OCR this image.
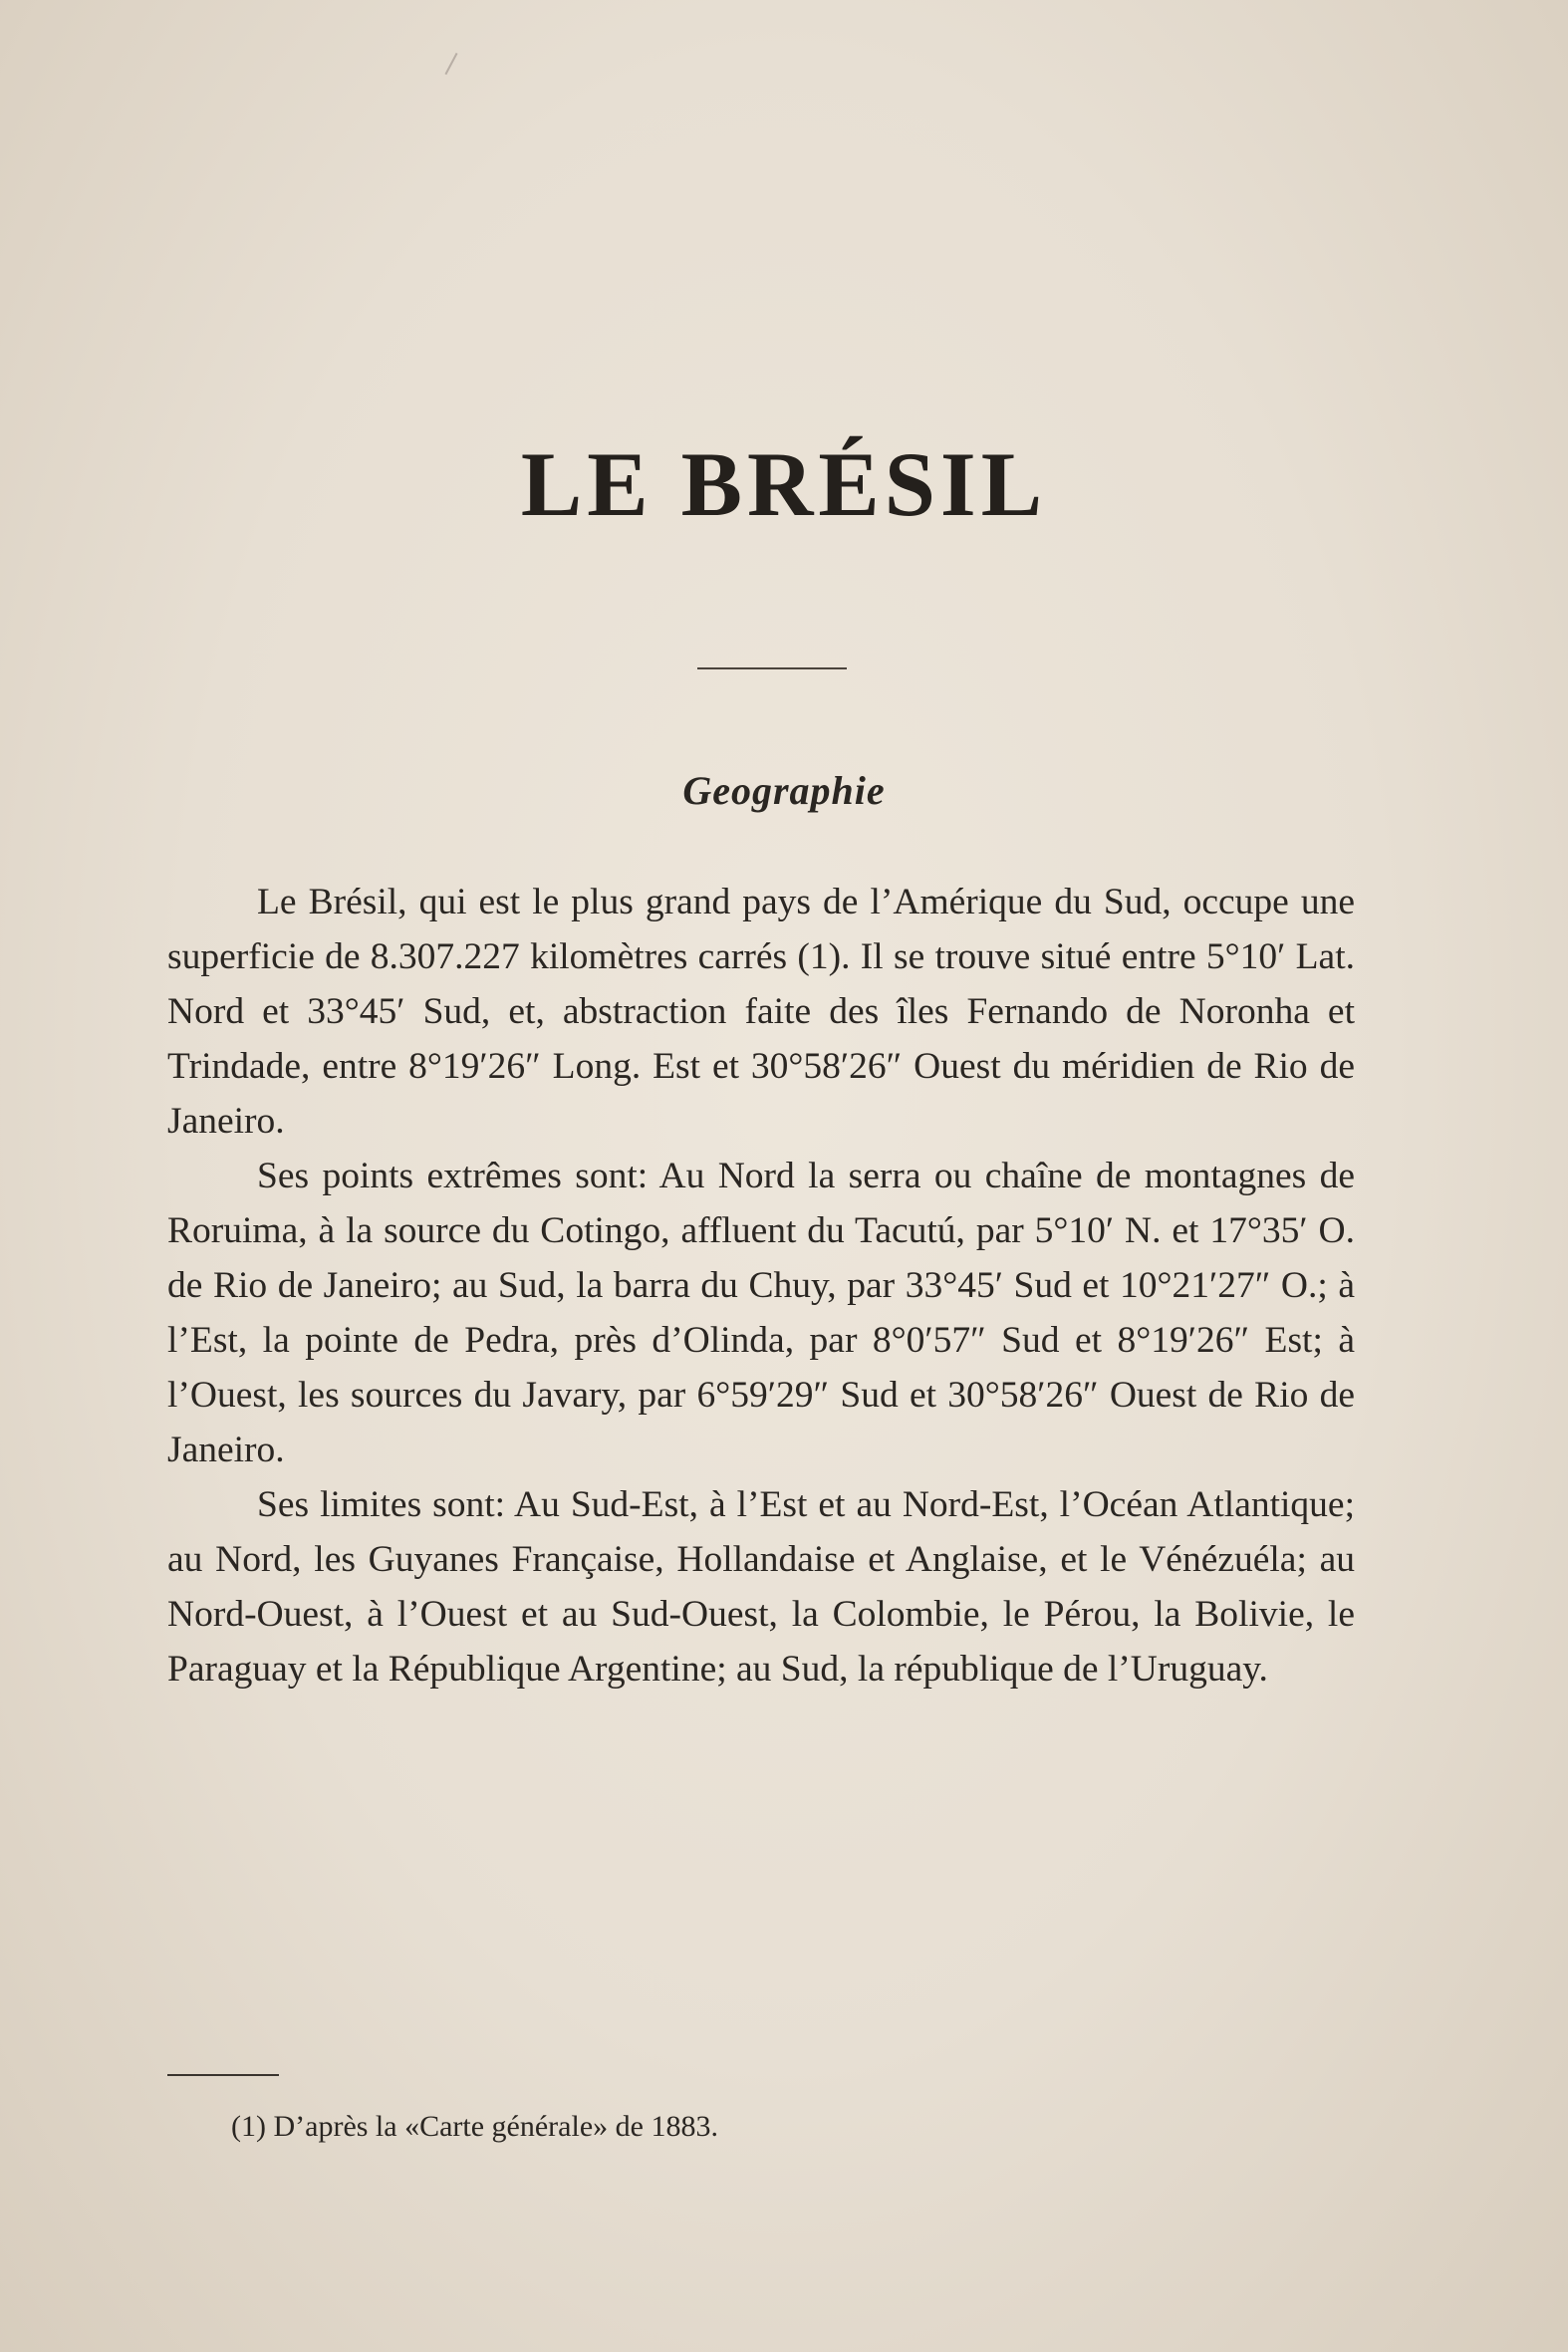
LE BRÉSIL
Geographie

Le Brésil, qui est le plus grand pays de l’Amérique du Sud, occupe une superficie de 8.307.227 kilomètres carrés (1). Il se trouve situé entre 5°10′ Lat. Nord et 33°45′ Sud, et, abstraction faite des îles Fernando de Noronha et Trindade, entre 8°19′26″ Long. Est et 30°58′26″ Ouest du méridien de Rio de Janeiro.

Ses points extrêmes sont: Au Nord la serra ou chaîne de montagnes de Roruima, à la source du Cotingo, affluent du Tacutú, par 5°10′ N. et 17°35′ O. de Rio de Janeiro; au Sud, la barra du Chuy, par 33°45′ Sud et 10°21′27″ O.; à l’Est, la pointe de Pedra, près d’Olinda, par 8°0′57″ Sud et 8°19′26″ Est; à l’Ouest, les sources du Javary, par 6°59′29″ Sud et 30°58′26″ Ouest de Rio de Janeiro.

Ses limites sont: Au Sud-Est, à l’Est et au Nord-Est, l’Océan Atlantique; au Nord, les Guyanes Française, Hollandaise et Anglaise, et le Vénézuéla; au Nord-Ouest, à l’Ouest et au Sud-Ouest, la Colombie, le Pérou, la Bolivie, le Paraguay et la République Argentine; au Sud, la république de l’Uruguay.

(1) D’après la «Carte générale» de 1883.
